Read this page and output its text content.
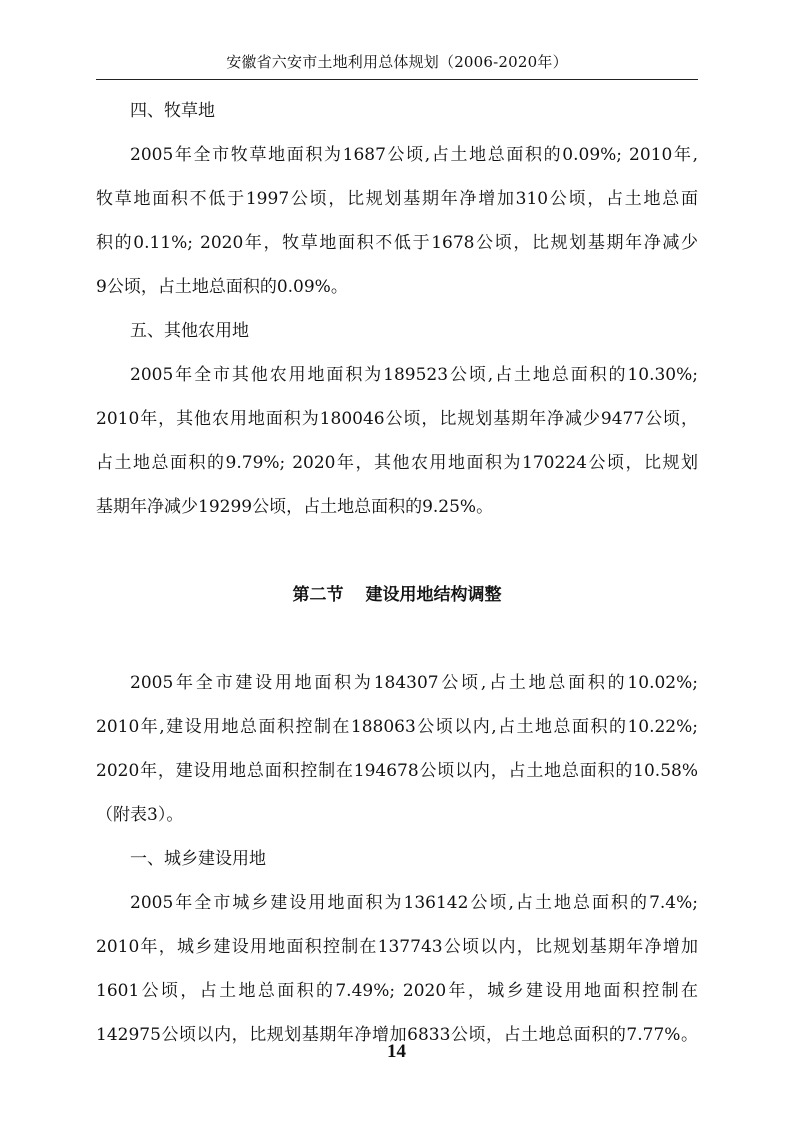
安徽省六安市土地利用总体规划（2006-2020年）
四、牧草地
2005年全市牧草地面积为1687公顷,占土地总面积的0.09%; 2010年,
牧草地面积不低于1997公顷，比规划基期年净增加310公顷，占土地总面
积的0.11%; 2020年，牧草地面积不低于1678公顷，比规划基期年净减少
9公顷，占土地总面积的0.09%。
五、其他农用地
2005年全市其他农用地面积为189523公顷,占土地总面积的10.30%;
2010年，其他农用地面积为180046公顷，比规划基期年净减少9477公顷，
占土地总面积的9.79%; 2020年，其他农用地面积为170224公顷，比规划
基期年净减少19299公顷，占土地总面积的9.25%。
第二节 建设用地结构调整
2005年全市建设用地面积为184307公顷,占土地总面积的10.02%;
2010年,建设用地总面积控制在188063公顷以内,占土地总面积的10.22%;
2020年，建设用地总面积控制在194678公顷以内，占土地总面积的10.58%
（附表3）。
一、城乡建设用地
2005年全市城乡建设用地面积为136142公顷,占土地总面积的7.4%;
2010年，城乡建设用地面积控制在137743公顷以内，比规划基期年净增加
1601公顷，占土地总面积的7.49%; 2020年，城乡建设用地面积控制在
142975公顷以内，比规划基期年净增加6833公顷，占土地总面积的7.77%。
14
